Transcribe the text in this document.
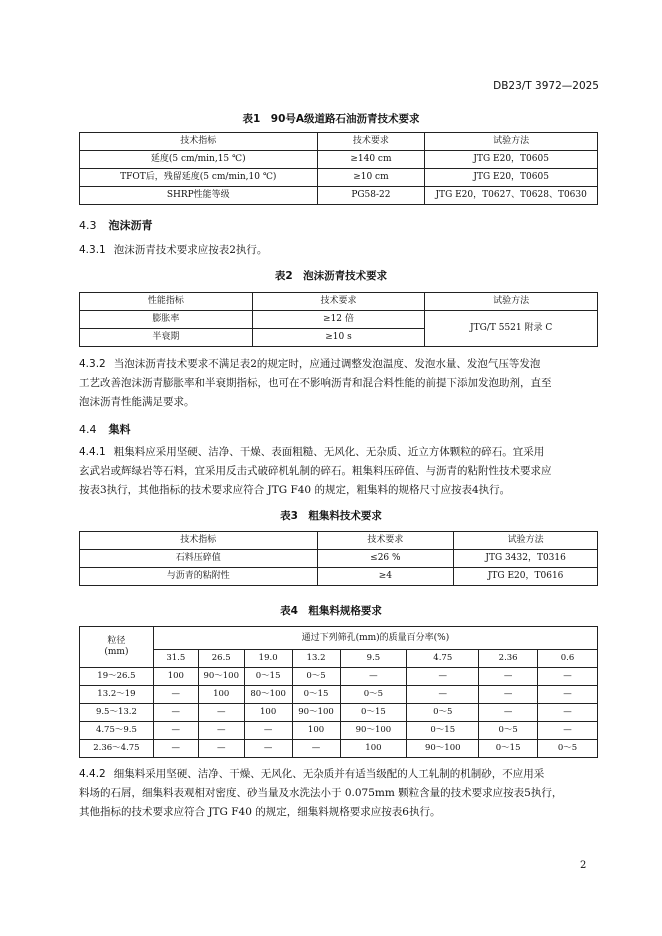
DB23/T 3972—2025
表1　90号A级道路石油沥青技术要求
技术指标	技术要求	试验方法
延度(5 cm/min,15 ℃)	≥140 cm	JTG E20，T0605
TFOT后，残留延度(5 cm/min,10 ℃)	≥10 cm	JTG E20，T0605
SHRP性能等级	PG58-22	JTG E20，T0627、T0628、T0630
4.3 泡沫沥青
4.3.1 泡沫沥青技术要求应按表2执行。
表2　泡沫沥青技术要求
性能指标	技术要求	试验方法
膨胀率	≥12 倍	JTG/T 5521 附录 C
半衰期	≥10 s	
4.3.2 当泡沫沥青技术要求不满足表2的规定时，应通过调整发泡温度、发泡水量、发泡气压等发泡
工艺改善泡沫沥青膨胀率和半衰期指标，也可在不影响沥青和混合料性能的前提下添加发泡助剂，直至
泡沫沥青性能满足要求。
4.4 集料
4.4.1 粗集料应采用坚硬、洁净、干燥、表面粗糙、无风化、无杂质、近立方体颗粒的碎石。宜采用
玄武岩或辉绿岩等石料，宜采用反击式破碎机轧制的碎石。粗集料压碎值、与沥青的粘附性技术要求应
按表3执行，其他指标的技术要求应符合 JTG F40 的规定，粗集料的规格尺寸应按表4执行。
表3　粗集料技术要求
技术指标	技术要求	试验方法
石料压碎值	≤26 %	JTG 3432，T0316
与沥青的粘附性	≥4	JTG E20，T0616
表4　粗集料规格要求
粒径
(mm)	通过下列筛孔(mm)的质量百分率(%)							
	31.5	26.5	19.0	13.2	9.5	4.75	2.36	0.6
19～26.5	100	90～100	0～15	0～5	—	—	—	—
13.2～19	—	100	80～100	0～15	0～5	—	—	—
9.5～13.2	—	—	100	90～100	0～15	0～5	—	—
4.75～9.5	—	—	—	100	90～100	0～15	0～5	—
2.36～4.75	—	—	—	—	100	90～100	0～15	0～5
4.4.2 细集料采用坚硬、洁净、干燥、无风化、无杂质并有适当级配的人工轧制的机制砂，不应用采
料场的石屑，细集料表观相对密度、砂当量及水洗法小于 0.075mm 颗粒含量的技术要求应按表5执行，
其他指标的技术要求应符合 JTG F40 的规定，细集料规格要求应按表6执行。
2
